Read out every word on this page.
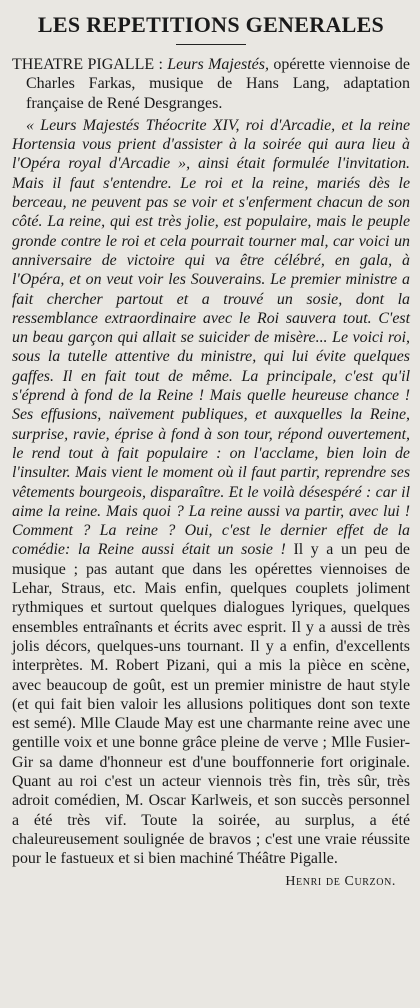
LES REPETITIONS GENERALES

THEATRE PIGALLE : Leurs Majestés, opérette viennoise de Charles Farkas, musique de Hans Lang, adaptation française de René Desgranges.

« Leurs Majestés Théocrite XIV, roi d'Arcadie, et la reine Hortensia vous prient d'assister à la soirée qui aura lieu à l'Opéra royal d'Arcadie », ainsi était formulée l'invitation. Mais il faut s'entendre. Le roi et la reine, mariés dès le berceau, ne peuvent pas se voir et s'enferment chacun de son côté. La reine, qui est très jolie, est populaire, mais le peuple gronde contre le roi et cela pourrait tourner mal, car voici un anniversaire de victoire qui va être célébré, en gala, à l'Opéra, et on veut voir les Souverains. Le premier ministre a fait chercher partout et a trouvé un sosie, dont la ressemblance extraordinaire avec le Roi sauvera tout. C'est un beau garçon qui allait se suicider de misère... Le voici roi, sous la tutelle attentive du ministre, qui lui évite quelques gaffes. Il en fait tout de même. La principale, c'est qu'il s'éprend à fond de la Reine ! Mais quelle heureuse chance ! Ses effusions, naïvement publiques, et auxquelles la Reine, surprise, ravie, éprise à fond à son tour, répond ouvertement, le rend tout à fait populaire : on l'acclame, bien loin de l'insulter. Mais vient le moment où il faut partir, reprendre ses vêtements bourgeois, disparaître. Et le voilà désespéré : car il aime la reine. Mais quoi ? La reine aussi va partir, avec lui ! Comment ? La reine ? Oui, c'est le dernier effet de la comédie: la Reine aussi était un sosie ! Il y a un peu de musique ; pas autant que dans les opérettes viennoises de Lehar, Straus, etc. Mais enfin, quelques couplets joliment rythmiques et surtout quelques dialogues lyriques, quelques ensembles entraînants et écrits avec esprit. Il y a aussi de très jolis décors, quelques-uns tournant. Il y a enfin, d'excellents interprètes. M. Robert Pizani, qui a mis la pièce en scène, avec beaucoup de goût, est un premier ministre de haut style (et qui fait bien valoir les allusions politiques dont son texte est semé). Mlle Claude May est une charmante reine avec une gentille voix et une bonne grâce pleine de verve ; Mlle Fusier-Gir sa dame d'honneur est d'une bouffonnerie fort originale. Quant au roi c'est un acteur viennois très fin, très sûr, très adroit comédien, M. Oscar Karlweis, et son succès personnel a été très vif. Toute la soirée, au surplus, a été chaleureusement soulignée de bravos ; c'est une vraie réussite pour le fastueux et si bien machiné Théâtre Pigalle.

Henri de Curzon.
